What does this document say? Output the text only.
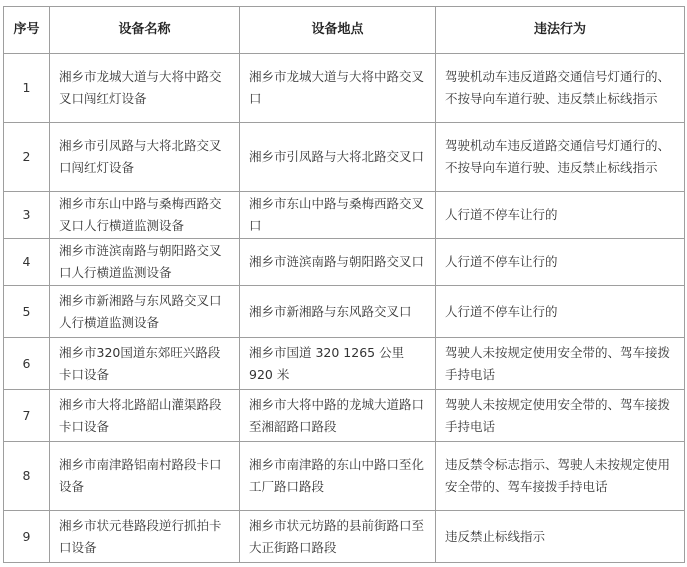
序号	设备名称	设备地点	违法行为
1	湘乡市龙城大道与大将中路交叉口闯红灯设备	湘乡市龙城大道与大将中路交叉口	驾驶机动车违反道路交通信号灯通行的、不按导向车道行驶、违反禁止标线指示
2	湘乡市引凤路与大将北路交叉口闯红灯设备	湘乡市引凤路与大将北路交叉口	驾驶机动车违反道路交通信号灯通行的、不按导向车道行驶、违反禁止标线指示
3	湘乡市东山中路与桑梅西路交叉口人行横道监测设备	湘乡市东山中路与桑梅西路交叉口	人行道不停车让行的
4	湘乡市涟滨南路与朝阳路交叉口人行横道监测设备	湘乡市涟滨南路与朝阳路交叉口	人行道不停车让行的
5	湘乡市新湘路与东风路交叉口人行横道监测设备	湘乡市新湘路与东风路交叉口	人行道不停车让行的
6	湘乡市320国道东郊旺兴路段卡口设备	湘乡市国道 320 1265 公里 920 米	驾驶人未按规定使用安全带的、驾车接拨手持电话
7	湘乡市大将北路韶山灌渠路段卡口设备	湘乡市大将中路的龙城大道路口至湘韶路口路段	驾驶人未按规定使用安全带的、驾车接拨手持电话
8	湘乡市南津路铝南村路段卡口设备	湘乡市南津路的东山中路口至化工厂路口路段	违反禁令标志指示、驾驶人未按规定使用安全带的、驾车接拨手持电话
9	湘乡市状元巷路段逆行抓拍卡口设备	湘乡市状元坊路的县前街路口至大正街路口路段	违反禁止标线指示
